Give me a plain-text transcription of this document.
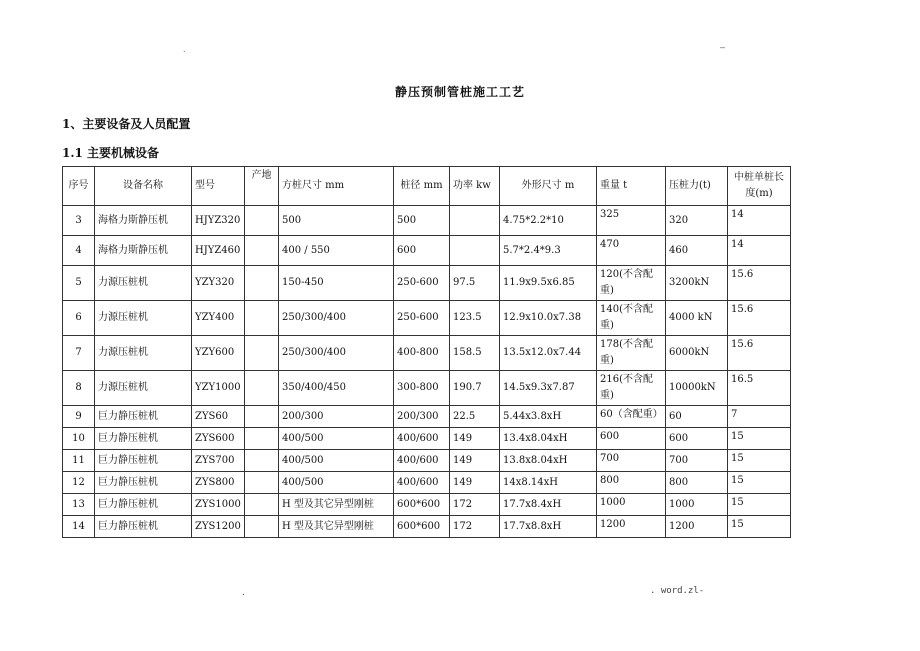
.	–
静压预制管桩施工工艺
1、主要设备及人员配置
1.1 主要机械设备
序号	设备名称	型号	产地	方桩尺寸 mm	桩径 mm	功率 kw	外形尺寸 m	重量 t	压桩力(t)	中桩单桩长度(m)
3	海格力斯静压机	HJYZ320		500	500		4.75*2.2*10	325	320	14
4	海格力斯静压机	HJYZ460		400 / 550	600		5.7*2.4*9.3	470	460	14
5	力源压桩机	YZY320		150-450	250-600	97.5	11.9x9.5x6.85	120(不含配重)	3200kN	15.6
6	力源压桩机	YZY400		250/300/400	250-600	123.5	12.9x10.0x7.38	140(不含配重)	4000 kN	15.6
7	力源压桩机	YZY600		250/300/400	400-800	158.5	13.5x12.0x7.44	178(不含配重)	6000kN	15.6
8	力源压桩机	YZY1000		350/400/450	300-800	190.7	14.5x9.3x7.87	216(不含配重)	10000kN	16.5
9	巨力静压桩机	ZYS60		200/300	200/300	22.5	5.44x3.8xH	60（含配重）	60	7
10	巨力静压桩机	ZYS600		400/500	400/600	149	13.4x8.04xH	600	600	15
11	巨力静压桩机	ZYS700		400/500	400/600	149	13.8x8.04xH	700	700	15
12	巨力静压桩机	ZYS800		400/500	400/600	149	14x8.14xH	800	800	15
13	巨力静压桩机	ZYS1000		H 型及其它异型刚桩	600*600	172	17.7x8.4xH	1000	1000	15
14	巨力静压桩机	ZYS1200		H 型及其它异型刚桩	600*600	172	17.7x8.8xH	1200	1200	15
.	. word.zl-
